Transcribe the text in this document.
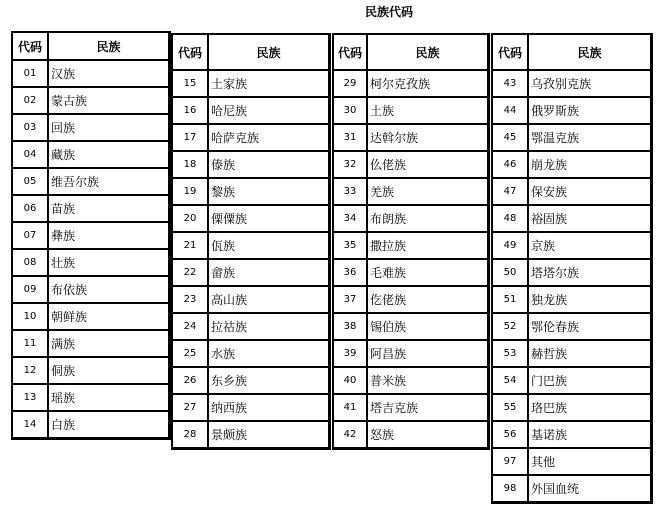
民族代码
代码	民族
01	汉族
02	蒙古族
03	回族
04	藏族
05	维吾尔族
06	苗族
07	彝族
08	壮族
09	布依族
10	朝鲜族
11	满族
12	侗族
13	瑶族
14	白族
代码	民族
15	土家族
16	哈尼族
17	哈萨克族
18	傣族
19	黎族
20	傈僳族
21	佤族
22	畲族
23	高山族
24	拉祜族
25	水族
26	东乡族
27	纳西族
28	景颇族
代码	民族
29	柯尔克孜族
30	土族
31	达斡尔族
32	仫佬族
33	羌族
34	布朗族
35	撒拉族
36	毛难族
37	仡佬族
38	锡伯族
39	阿昌族
40	普米族
41	塔吉克族
42	怒族
代码	民族
43	乌孜别克族
44	俄罗斯族
45	鄂温克族
46	崩龙族
47	保安族
48	裕固族
49	京族
50	塔塔尔族
51	独龙族
52	鄂伦春族
53	赫哲族
54	门巴族
55	珞巴族
56	基诺族
97	其他
98	外国血统
